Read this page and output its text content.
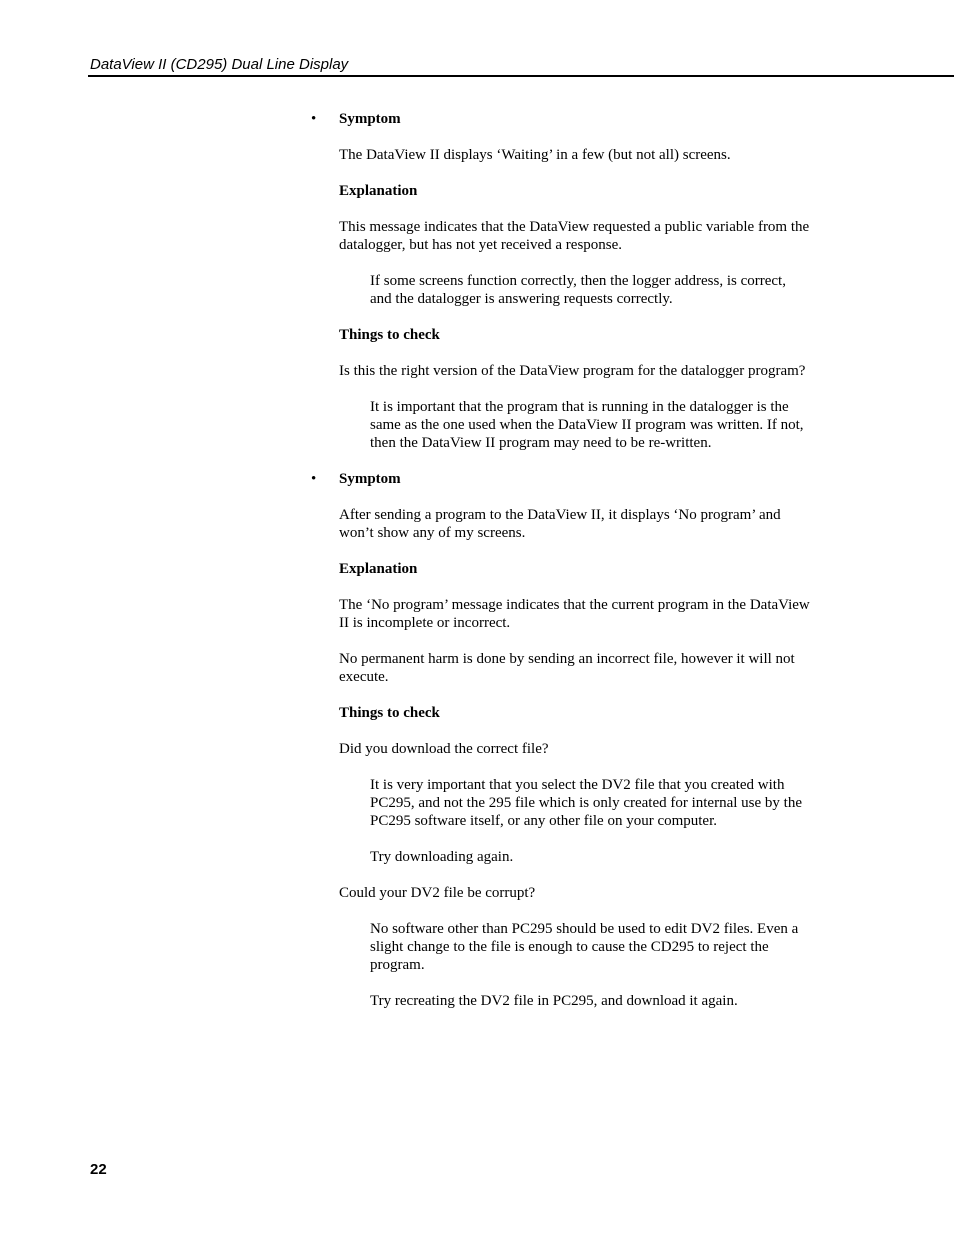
DataView II (CD295) Dual Line Display

• Symptom

The DataView II displays ‘Waiting’ in a few (but not all) screens.

Explanation

This message indicates that the DataView requested a public variable from the datalogger, but has not yet received a response.

If some screens function correctly, then the logger address, is correct, and the datalogger is answering requests correctly.

Things to check

Is this the right version of the DataView program for the datalogger program?

It is important that the program that is running in the datalogger is the same as the one used when the DataView II program was written. If not, then the DataView II program may need to be re-written.

• Symptom

After sending a program to the DataView II, it displays ‘No program’ and won’t show any of my screens.

Explanation

The ‘No program’ message indicates that the current program in the DataView II is incomplete or incorrect.

No permanent harm is done by sending an incorrect file, however it will not execute.

Things to check

Did you download the correct file?

It is very important that you select the DV2 file that you created with PC295, and not the 295 file which is only created for internal use by the PC295 software itself, or any other file on your computer.

Try downloading again.

Could your DV2 file be corrupt?

No software other than PC295 should be used to edit DV2 files. Even a slight change to the file is enough to cause the CD295 to reject the program.

Try recreating the DV2 file in PC295, and download it again.

22
